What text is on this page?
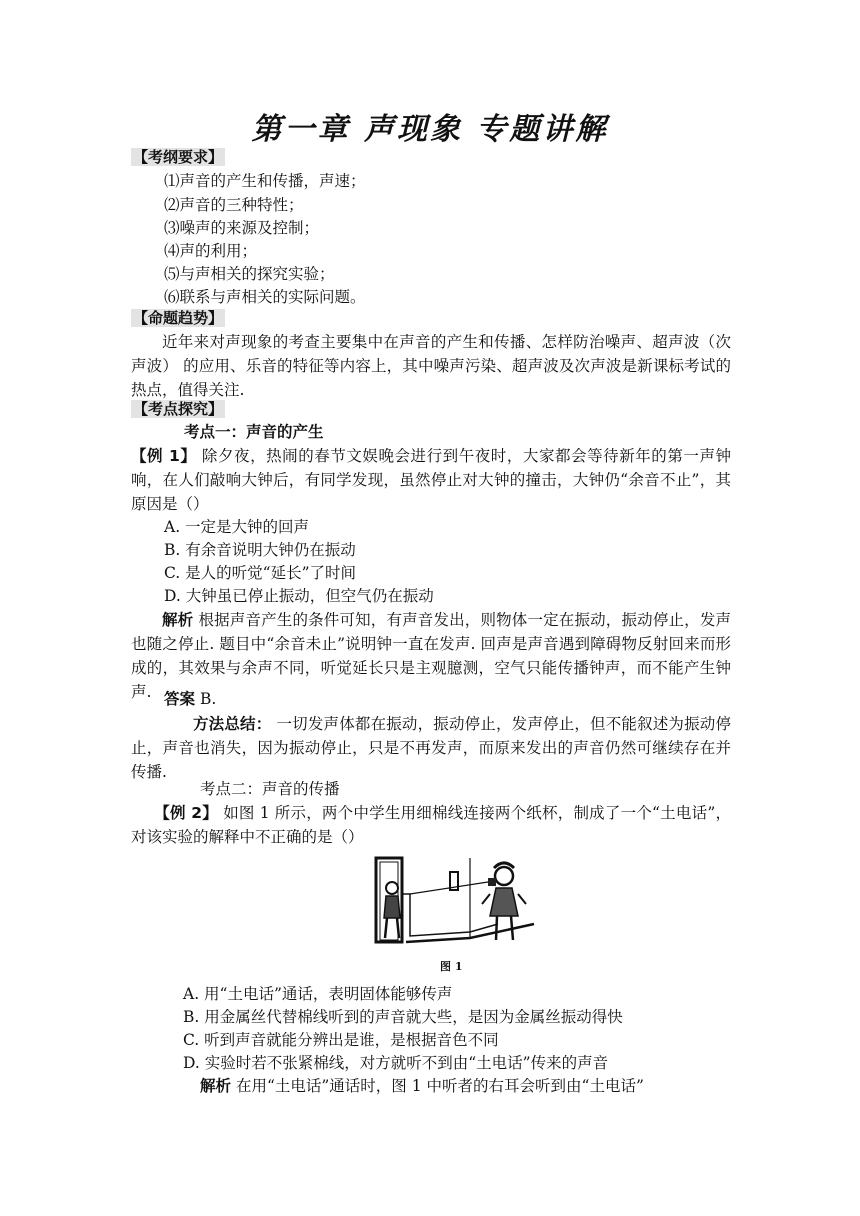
第一章 声现象 专题讲解
【考纲要求】
⑴声音的产生和传播，声速；
⑵声音的三种特性；
⑶噪声的来源及控制；
⑷声的利用；
⑸与声相关的探究实验；
⑹联系与声相关的实际问题。
【命题趋势】
近年来对声现象的考查主要集中在声音的产生和传播、怎样防治噪声、超声波（次声波） 的应用、乐音的特征等内容上，其中噪声污染、超声波及次声波是新课标考试的热点，值得关注.
【考点探究】
考点一：声音的产生
【例 1】 除夕夜，热闹的春节文娱晚会进行到午夜时，大家都会等待新年的第一声钟响，在人们敲响大钟后，有同学发现，虽然停止对大钟的撞击，大钟仍“余音不止”，其原因是（）
A. 一定是大钟的回声
B. 有余音说明大钟仍在振动
C. 是人的听觉“延长”了时间
D. 大钟虽已停止振动，但空气仍在振动
解析 根据声音产生的条件可知，有声音发出，则物体一定在振动，振动停止，发声也随之停止. 题目中“余音未止”说明钟一直在发声. 回声是声音遇到障碍物反射回来而形成的，其效果与余声不同，听觉延长只是主观臆测，空气只能传播钟声，而不能产生钟声. 答案 B.
方法总结： 一切发声体都在振动，振动停止，发声停止，但不能叙述为振动停止，声音也消失，因为振动停止，只是不再发声，而原来发出的声音仍然可继续存在并传播.
考点二：声音的传播
【例 2】 如图 1 所示，两个中学生用细棉线连接两个纸杯，制成了一个“土电话”，对该实验的解释中不正确的是（）
图 1
A. 用“土电话”通话，表明固体能够传声
B. 用金属丝代替棉线听到的声音就大些，是因为金属丝振动得快
C. 听到声音就能分辨出是谁，是根据音色不同
D. 实验时若不张紧棉线，对方就听不到由“土电话”传来的声音
解析 在用“土电话”通话时，图 1 中听者的右耳会听到由“土电话”
